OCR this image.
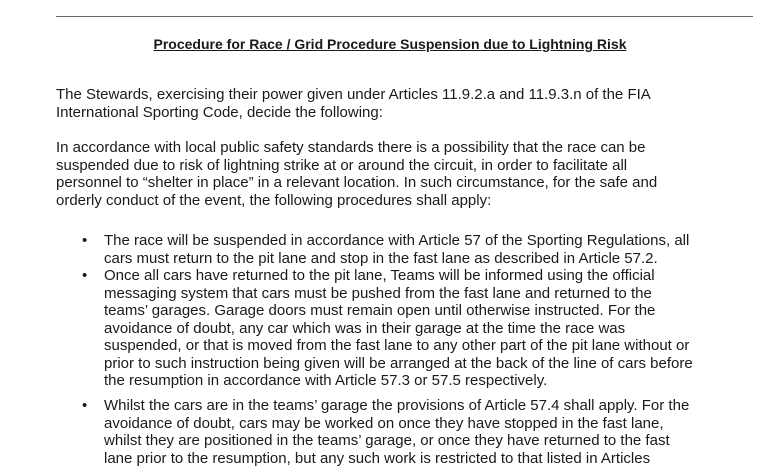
Procedure for Race / Grid Procedure Suspension due to Lightning Risk

The Stewards, exercising their power given under Articles 11.9.2.a and 11.9.3.n of the FIA
International Sporting Code, decide the following:

In accordance with local public safety standards there is a possibility that the race can be
suspended due to risk of lightning strike at or around the circuit, in order to facilitate all
personnel to “shelter in place” in a relevant location. In such circumstance, for the safe and
orderly conduct of the event, the following procedures shall apply:

• The race will be suspended in accordance with Article 57 of the Sporting Regulations, all
cars must return to the pit lane and stop in the fast lane as described in Article 57.2.
• Once all cars have returned to the pit lane, Teams will be informed using the official
messaging system that cars must be pushed from the fast lane and returned to the
teams’ garages. Garage doors must remain open until otherwise instructed. For the
avoidance of doubt, any car which was in their garage at the time the race was
suspended, or that is moved from the fast lane to any other part of the pit lane without or
prior to such instruction being given will be arranged at the back of the line of cars before
the resumption in accordance with Article 57.3 or 57.5 respectively.
• Whilst the cars are in the teams’ garage the provisions of Article 57.4 shall apply. For the
avoidance of doubt, cars may be worked on once they have stopped in the fast lane,
whilst they are positioned in the teams’ garage, or once they have returned to the fast
lane prior to the resumption, but any such work is restricted to that listed in Articles
